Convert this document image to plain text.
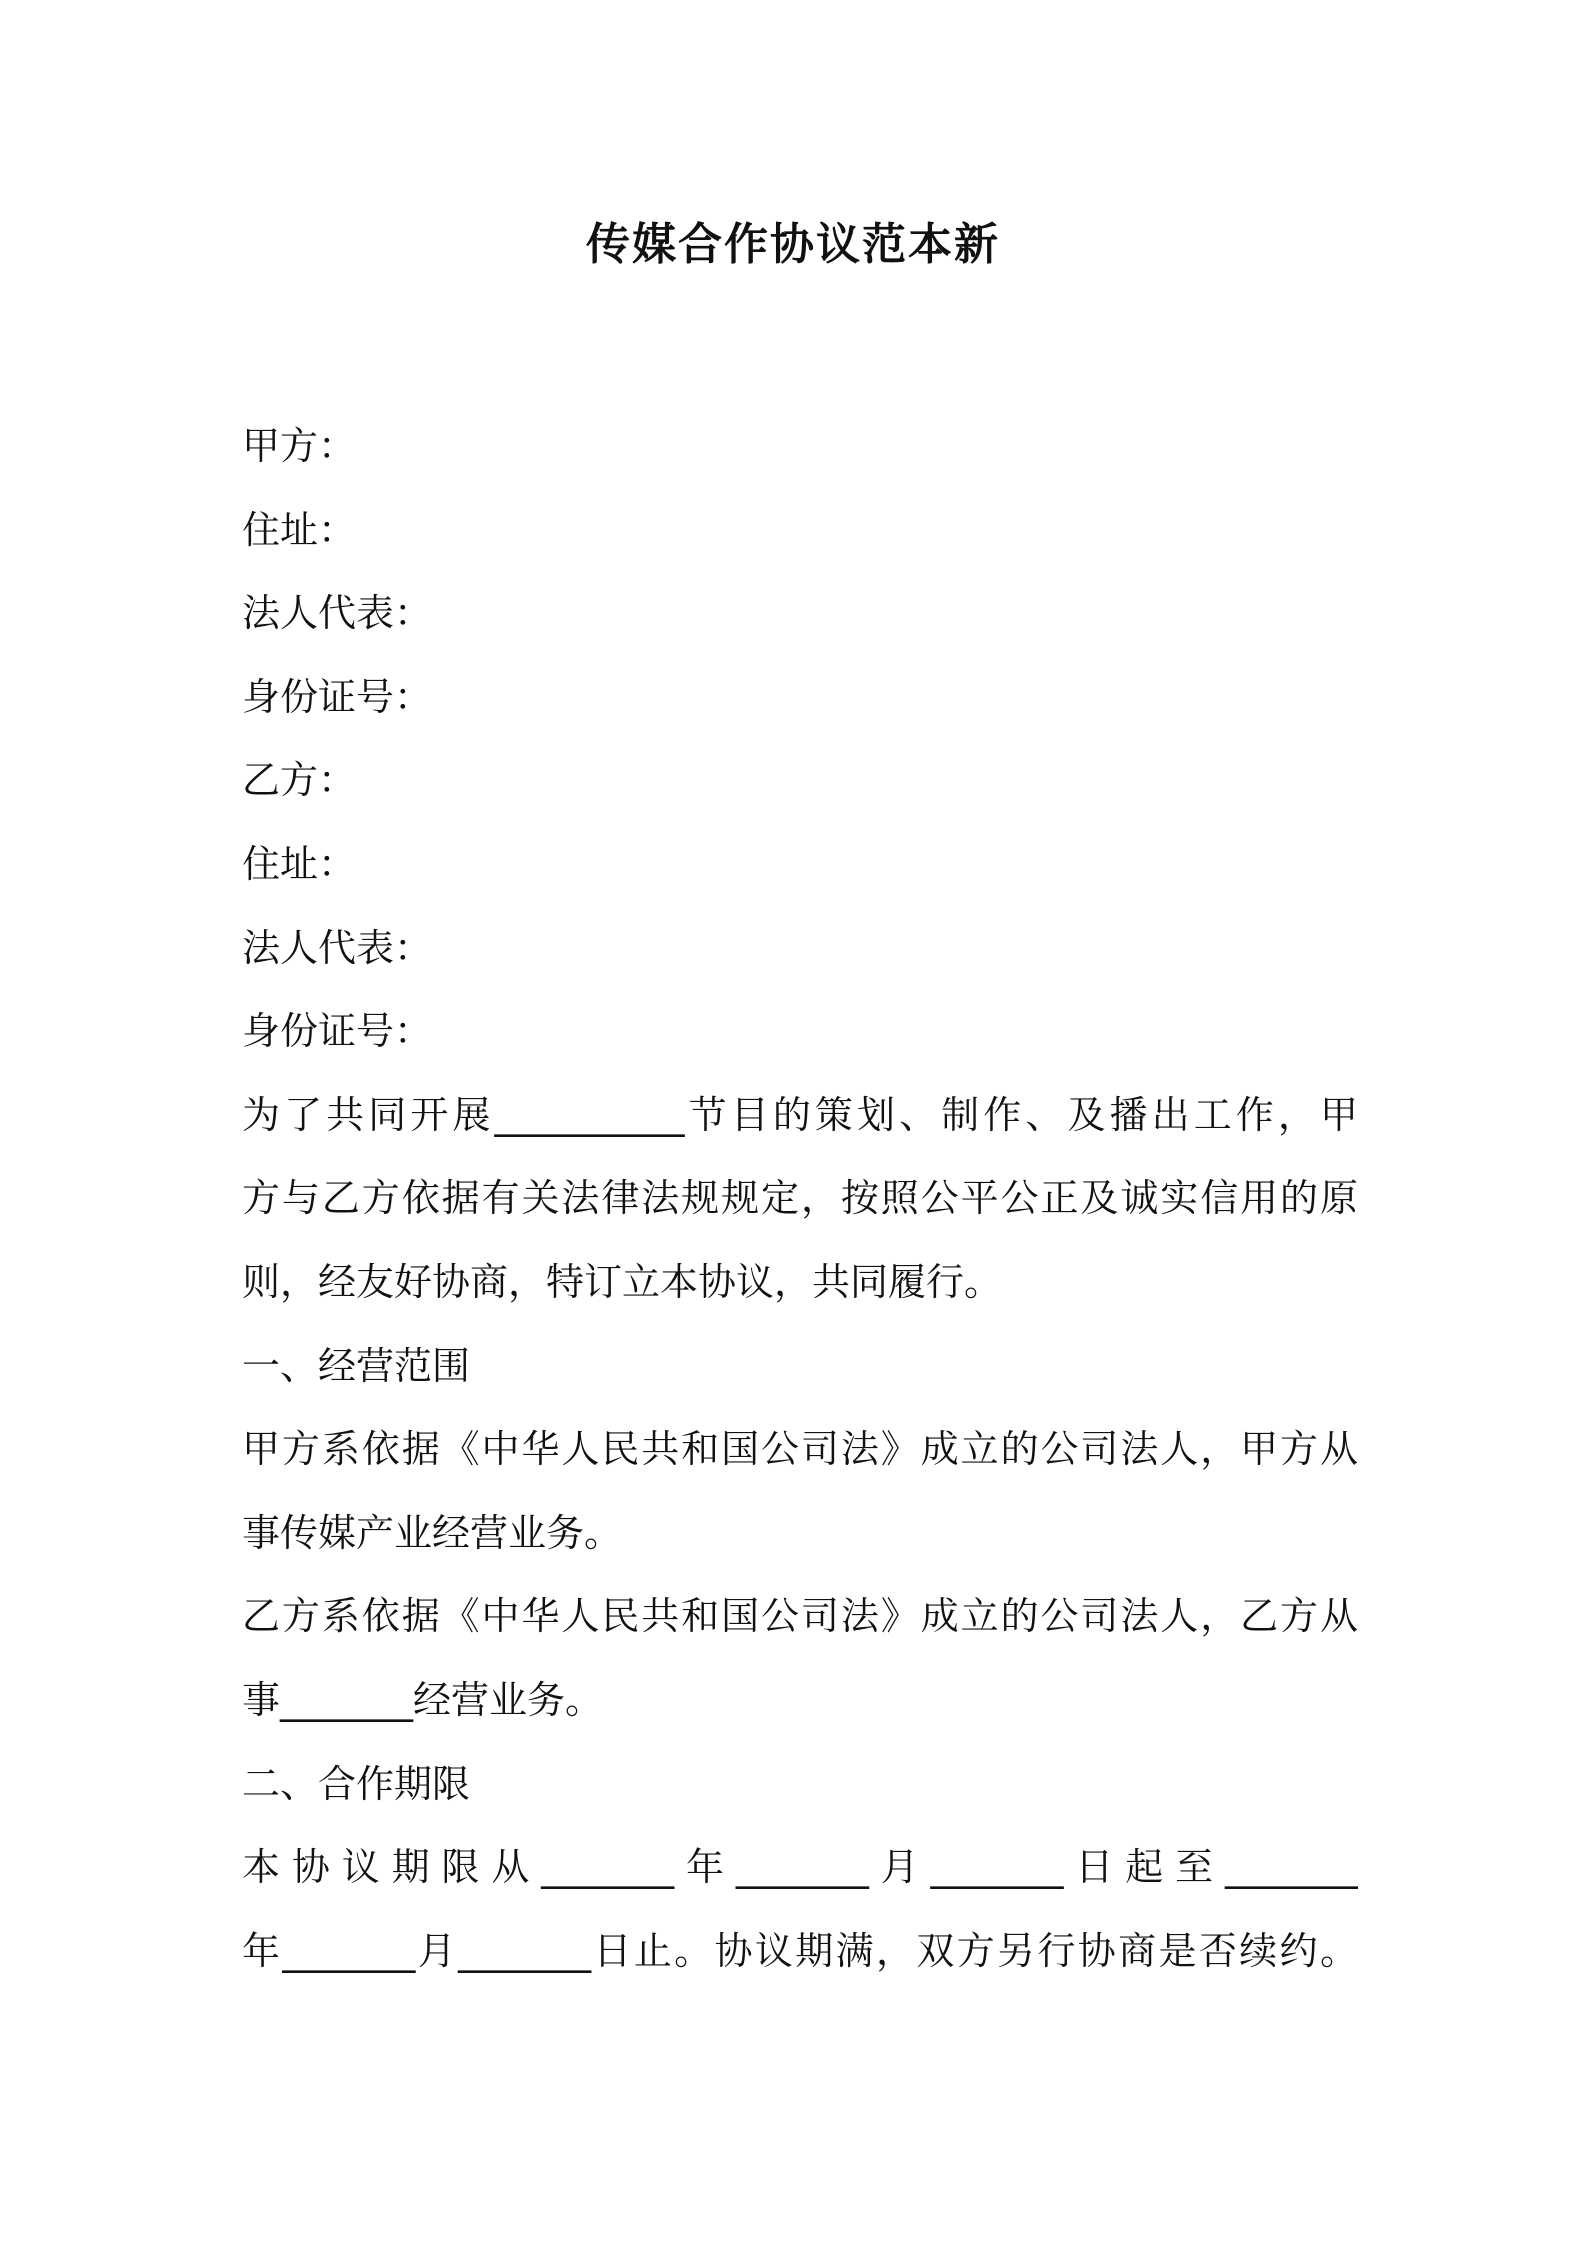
传媒合作协议范本新
甲方：
住址：
法人代表：
身份证号：
乙方：
住址：
法人代表：
身份证号：
为了共同开展__________节目的策划、制作、及播出工作，甲
方与乙方依据有关法律法规规定，按照公平公正及诚实信用的原
则，经友好协商，特订立本协议，共同履行。
一、经营范围
甲方系依据《中华人民共和国公司法》成立的公司法人，甲方从
事传媒产业经营业务。
乙方系依据《中华人民共和国公司法》成立的公司法人，乙方从
事_______经营业务。
二、合作期限
本协议期限从_______年_______月_______日起至_______
年_______月_______日止。协议期满，双方另行协商是否续约。
